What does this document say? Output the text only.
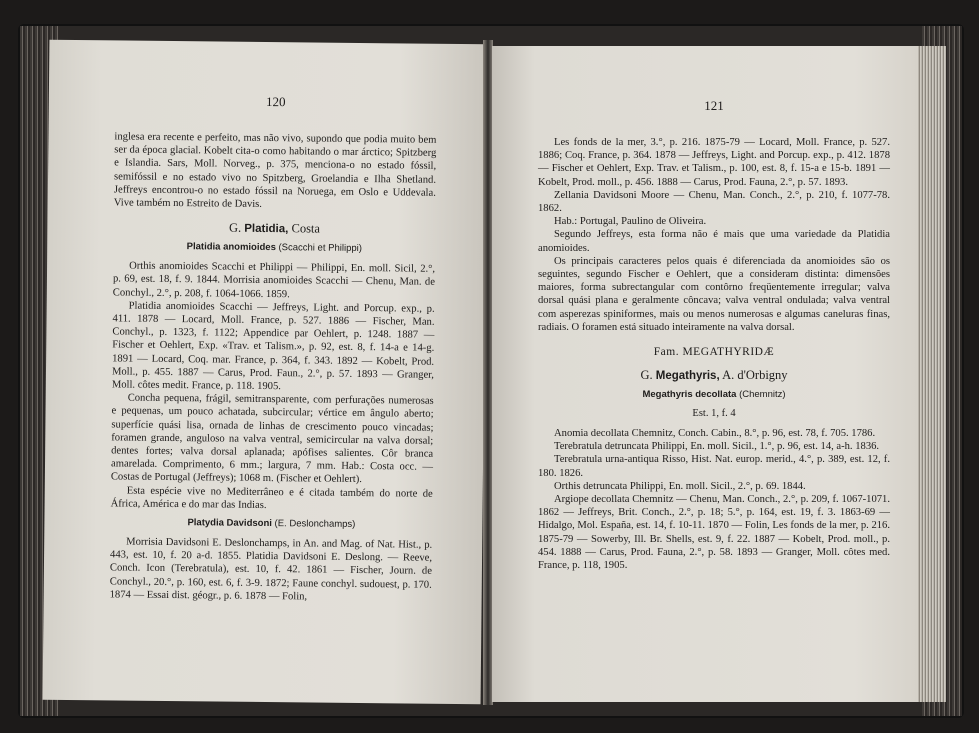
120

inglesa era recente e perfeito, mas não vivo, supondo que podia muito bem ser da época glacial. Kobelt cita-o como habitando o mar árctico; Spitzberg e Islandia. Sars, Moll. Norveg., p. 375, menciona-o no estado fóssil, semifóssil e no estado vivo no Spitzberg, Groelandia e Ilha Shetland. Jeffreys encontrou-o no estado fóssil na Noruega, em Oslo e Uddevala. Vive também no Estreito de Davis.

G. Platidia, Costa

Platidia anomioides (Scacchi et Philippi)

Orthis anomioides Scacchi et Philippi — Philippi, En. moll. Sicil, 2.°, p. 69, est. 18, f. 9. 1844. Morrisia anomioides Scacchi — Chenu, Man. de Conchyl., 2.°, p. 208, f. 1064-1066. 1859.

Platidia anomioides Scacchi — Jeffreys, Light. and Porcup. exp., p. 411. 1878 — Locard, Moll. France, p. 527. 1886 — Fischer, Man. Conchyl., p. 1323, f. 1122; Appendice par Oehlert, p. 1248. 1887 — Fischer et Oehlert, Exp. «Trav. et Talism.», p. 92, est. 8, f. 14-a e 14-g. 1891 — Locard, Coq. mar. France, p. 364, f. 343. 1892 — Kobelt, Prod. Moll., p. 455. 1887 — Carus, Prod. Faun., 2.°, p. 57. 1893 — Granger, Moll. côtes medit. France, p. 118. 1905.

Concha pequena, frágil, semitransparente, com perfurações numerosas e pequenas, um pouco achatada, subcircular; vértice em ângulo aberto; superfície quási lisa, ornada de linhas de crescimento pouco vincadas; foramen grande, anguloso na valva ventral, semicircular na valva dorsal; dentes fortes; valva dorsal aplanada; apófises salientes. Côr branca amarelada. Comprimento, 6 mm.; largura, 7 mm. Hab.: Costa occ. — Costas de Portugal (Jeffreys); 1068 m. (Fischer et Oehlert).

Esta espécie vive no Mediterrâneo e é citada também do norte de África, América e do mar das Indias.

Platydia Davidsoni (E. Deslonchamps)

Morrisia Davidsoni E. Deslonchamps, in An. and Mag. of Nat. Hist., p. 443, est. 10, f. 20 a-d. 1855. Platidia Davidsoni E. Deslong. — Reeve, Conch. Icon (Terebratula), est. 10, f. 42. 1861 — Fischer, Journ. de Conchyl., 20.°, p. 160, est. 6, f. 3-9. 1872; Faune conchyl. sudouest, p. 170. 1874 — Essai dist. géogr., p. 6. 1878 — Folin,

121

Les fonds de la mer, 3.°, p. 216. 1875-79 — Locard, Moll. France, p. 527. 1886; Coq. France, p. 364. 1878 — Jeffreys, Light. and Porcup. exp., p. 412. 1878 — Fischer et Oehlert, Exp. Trav. et Talism., p. 100, est. 8, f. 15-a e 15-b. 1891 — Kobelt, Prod. moll., p. 456. 1888 — Carus, Prod. Fauna, 2.°, p. 57. 1893.

Zellania Davidsoni Moore — Chenu, Man. Conch., 2.°, p. 210, f. 1077-78. 1862.

Hab.: Portugal, Paulino de Oliveira.

Segundo Jeffreys, esta forma não é mais que uma variedade da Platidia anomioides.

Os principais caracteres pelos quais é diferenciada da anomioides são os seguintes, segundo Fischer e Oehlert, que a consideram distinta: dimensões maiores, forma subrectangular com contôrno freqüentemente irregular; valva dorsal quási plana e geralmente côncava; valva ventral ondulada; valva ventral com asperezas spiniformes, mais ou menos numerosas e algumas caneluras finas, radiais. O foramen está situado inteiramente na valva dorsal.

Fam. MEGATHYRIDÆ

G. Megathyris, A. d'Orbigny

Megathyris decollata (Chemnitz)

Est. 1, f. 4

Anomia decollata Chemnitz, Conch. Cabin., 8.°, p. 96, est. 78, f. 705. 1786.

Terebratula detruncata Philippi, En. moll. Sicil., 1.°, p. 96, est. 14, a-h. 1836.

Terebratula urna-antiqua Risso, Hist. Nat. europ. merid., 4.°, p. 389, est. 12, f. 180. 1826.

Orthis detruncata Philippi, En. moll. Sicil., 2.°, p. 69. 1844.

Argiope decollata Chemnitz — Chenu, Man. Conch., 2.°, p. 209, f. 1067-1071. 1862 — Jeffreys, Brit. Conch., 2.°, p. 18; 5.°, p. 164, est. 19, f. 3. 1863-69 — Hidalgo, Mol. España, est. 14, f. 10-11. 1870 — Folin, Les fonds de la mer, p. 216. 1875-79 — Sowerby, Ill. Br. Shells, est. 9, f. 22. 1887 — Kobelt, Prod. moll., p. 454. 1888 — Carus, Prod. Fauna, 2.°, p. 58. 1893 — Granger, Moll. côtes med. France, p. 118, 1905.
